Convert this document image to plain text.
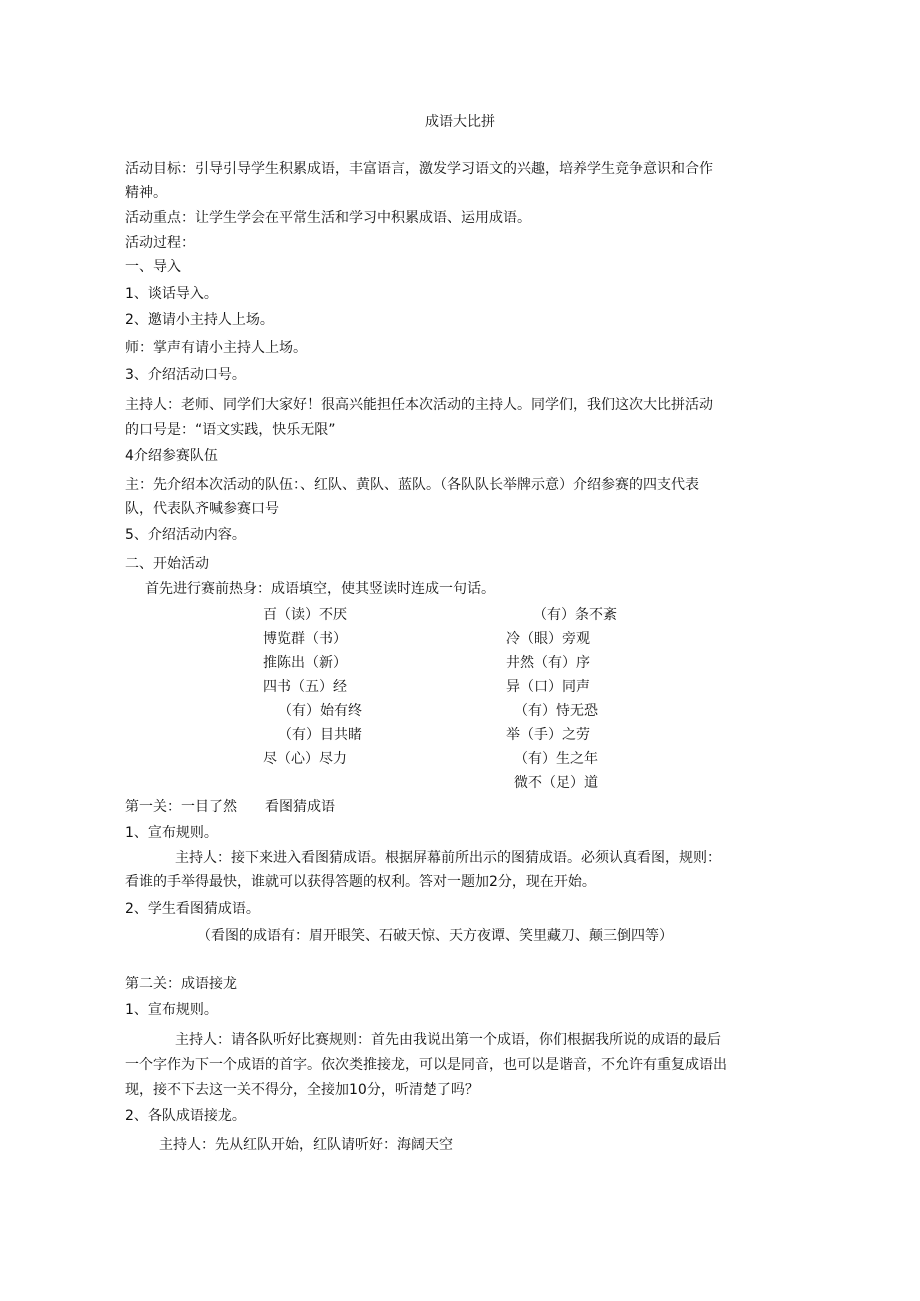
成语大比拼
活动目标：引导引导学生积累成语，丰富语言，激发学习语文的兴趣，培养学生竞争意识和合作
精神。
活动重点：让学生学会在平常生活和学习中积累成语、运用成语。
活动过程：
一、导入
1、谈话导入。
2、邀请小主持人上场。
师：掌声有请小主持人上场。
3、介绍活动口号。
主持人：老师、同学们大家好！很高兴能担任本次活动的主持人。同学们，我们这次大比拼活动
的口号是：“语文实践，快乐无限”
4介绍参赛队伍
主：先介绍本次活动的队伍：、红队、黄队、蓝队。（各队队长举牌示意）介绍参赛的四支代表
队，代表队齐喊参赛口号
5、介绍活动内容。
二、开始活动
首先进行赛前热身：成语填空，使其竖读时连成一句话。
百（读）不厌
博览群（书）
推陈出（新）
四书（五）经
（有）始有终
（有）目共睹
尽（心）尽力
（有）条不紊
冷（眼）旁观
井然（有）序
异（口）同声
（有）恃无恐
举（手）之劳
（有）生之年
微不（足）道
第一关：一目了然　　看图猜成语
1、宣布规则。
主持人：接下来进入看图猜成语。根据屏幕前所出示的图猜成语。必须认真看图，规则：
看谁的手举得最快，谁就可以获得答题的权利。答对一题加2分，现在开始。
2、学生看图猜成语。
（看图的成语有：眉开眼笑、石破天惊、天方夜谭、笑里藏刀、颠三倒四等）
第二关：成语接龙
1、宣布规则。
主持人：请各队听好比赛规则：首先由我说出第一个成语，你们根据我所说的成语的最后
一个字作为下一个成语的首字。依次类推接龙，可以是同音，也可以是谐音，不允许有重复成语出
现，接不下去这一关不得分，全接加10分，听清楚了吗？
2、各队成语接龙。
主持人：先从红队开始，红队请听好：海阔天空
